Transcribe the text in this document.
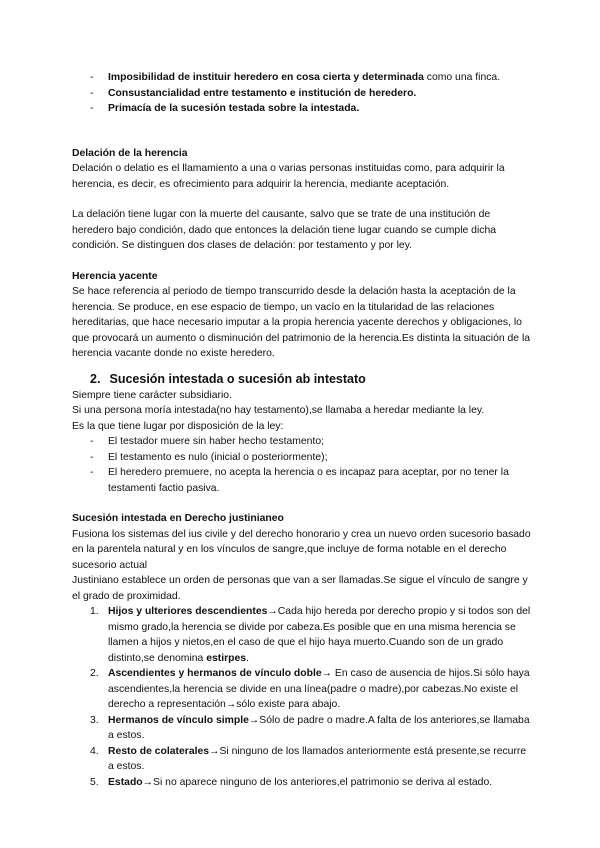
- Imposibilidad de instituir heredero en cosa cierta y determinada como una finca.
- Consustancialidad entre testamento e institución de heredero.
- Primacía de la sucesión testada sobre la intestada.
Delación de la herencia

Delación o delatio es el llamamiento a una o varias personas instituidas como, para adquirir la herencia, es decir, es ofrecimiento para adquirir la herencia, mediante aceptación.

La delación tiene lugar con la muerte del causante, salvo que se trate de una institución de heredero bajo condición, dado que entonces la delación tiene lugar cuando se cumple dicha condición. Se distinguen dos clases de delación: por testamento y por ley.

Herencia yacente

Se hace referencia al periodo de tiempo transcurrido desde la delación hasta la aceptación de la herencia. Se produce, en ese espacio de tiempo, un vacío en la titularidad de las relaciones hereditarias, que hace necesario imputar a la propia herencia yacente derechos y obligaciones, lo que provocará un aumento o disminución del patrimonio de la herencia.Es distinta la situación de la herencia vacante donde no existe heredero.

2. Sucesión intestada o sucesión ab intestato

Siempre tiene carácter subsidiario.

Si una persona moría intestada(no hay testamento),se llamaba a heredar mediante la ley.

Es la que tiene lugar por disposición de la ley:

- El testador muere sin haber hecho testamento;
- El testamento es nulo (inicial o posteriormente);
- El heredero premuere, no acepta la herencia o es incapaz para aceptar, por no tener la testamenti factio pasiva.
Sucesión intestada en Derecho justinianeo

Fusiona los sistemas del ius civile y del derecho honorario y crea un nuevo orden sucesorio basado en la parentela natural y en los vínculos de sangre,que incluye de forma notable en el derecho sucesorio actual

Justiniano establece un orden de personas que van a ser llamadas.Se sigue el vínculo de sangre y el grado de proximidad.

1. Hijos y ulteriores descendientes→Cada hijo hereda por derecho propio y si todos son del mismo grado,la herencia se divide por cabeza.Es posible que en una misma herencia se llamen a hijos y nietos,en el caso de que el hijo haya muerto.Cuando son de un grado distinto,se denomina estirpes.
2. Ascendientes y hermanos de vínculo doble→ En caso de ausencia de hijos.Si sólo haya ascendientes,la herencia se divide en una línea(padre o madre),por cabezas.No existe el derecho a representación→sólo existe para abajo.
3. Hermanos de vínculo simple→Sólo de padre o madre.A falta de los anteriores,se llamaba a estos.
4. Resto de colaterales→Si ninguno de los llamados anteriormente está presente,se recurre a estos.
5. Estado→Si no aparece ninguno de los anteriores,el patrimonio se deriva al estado.
